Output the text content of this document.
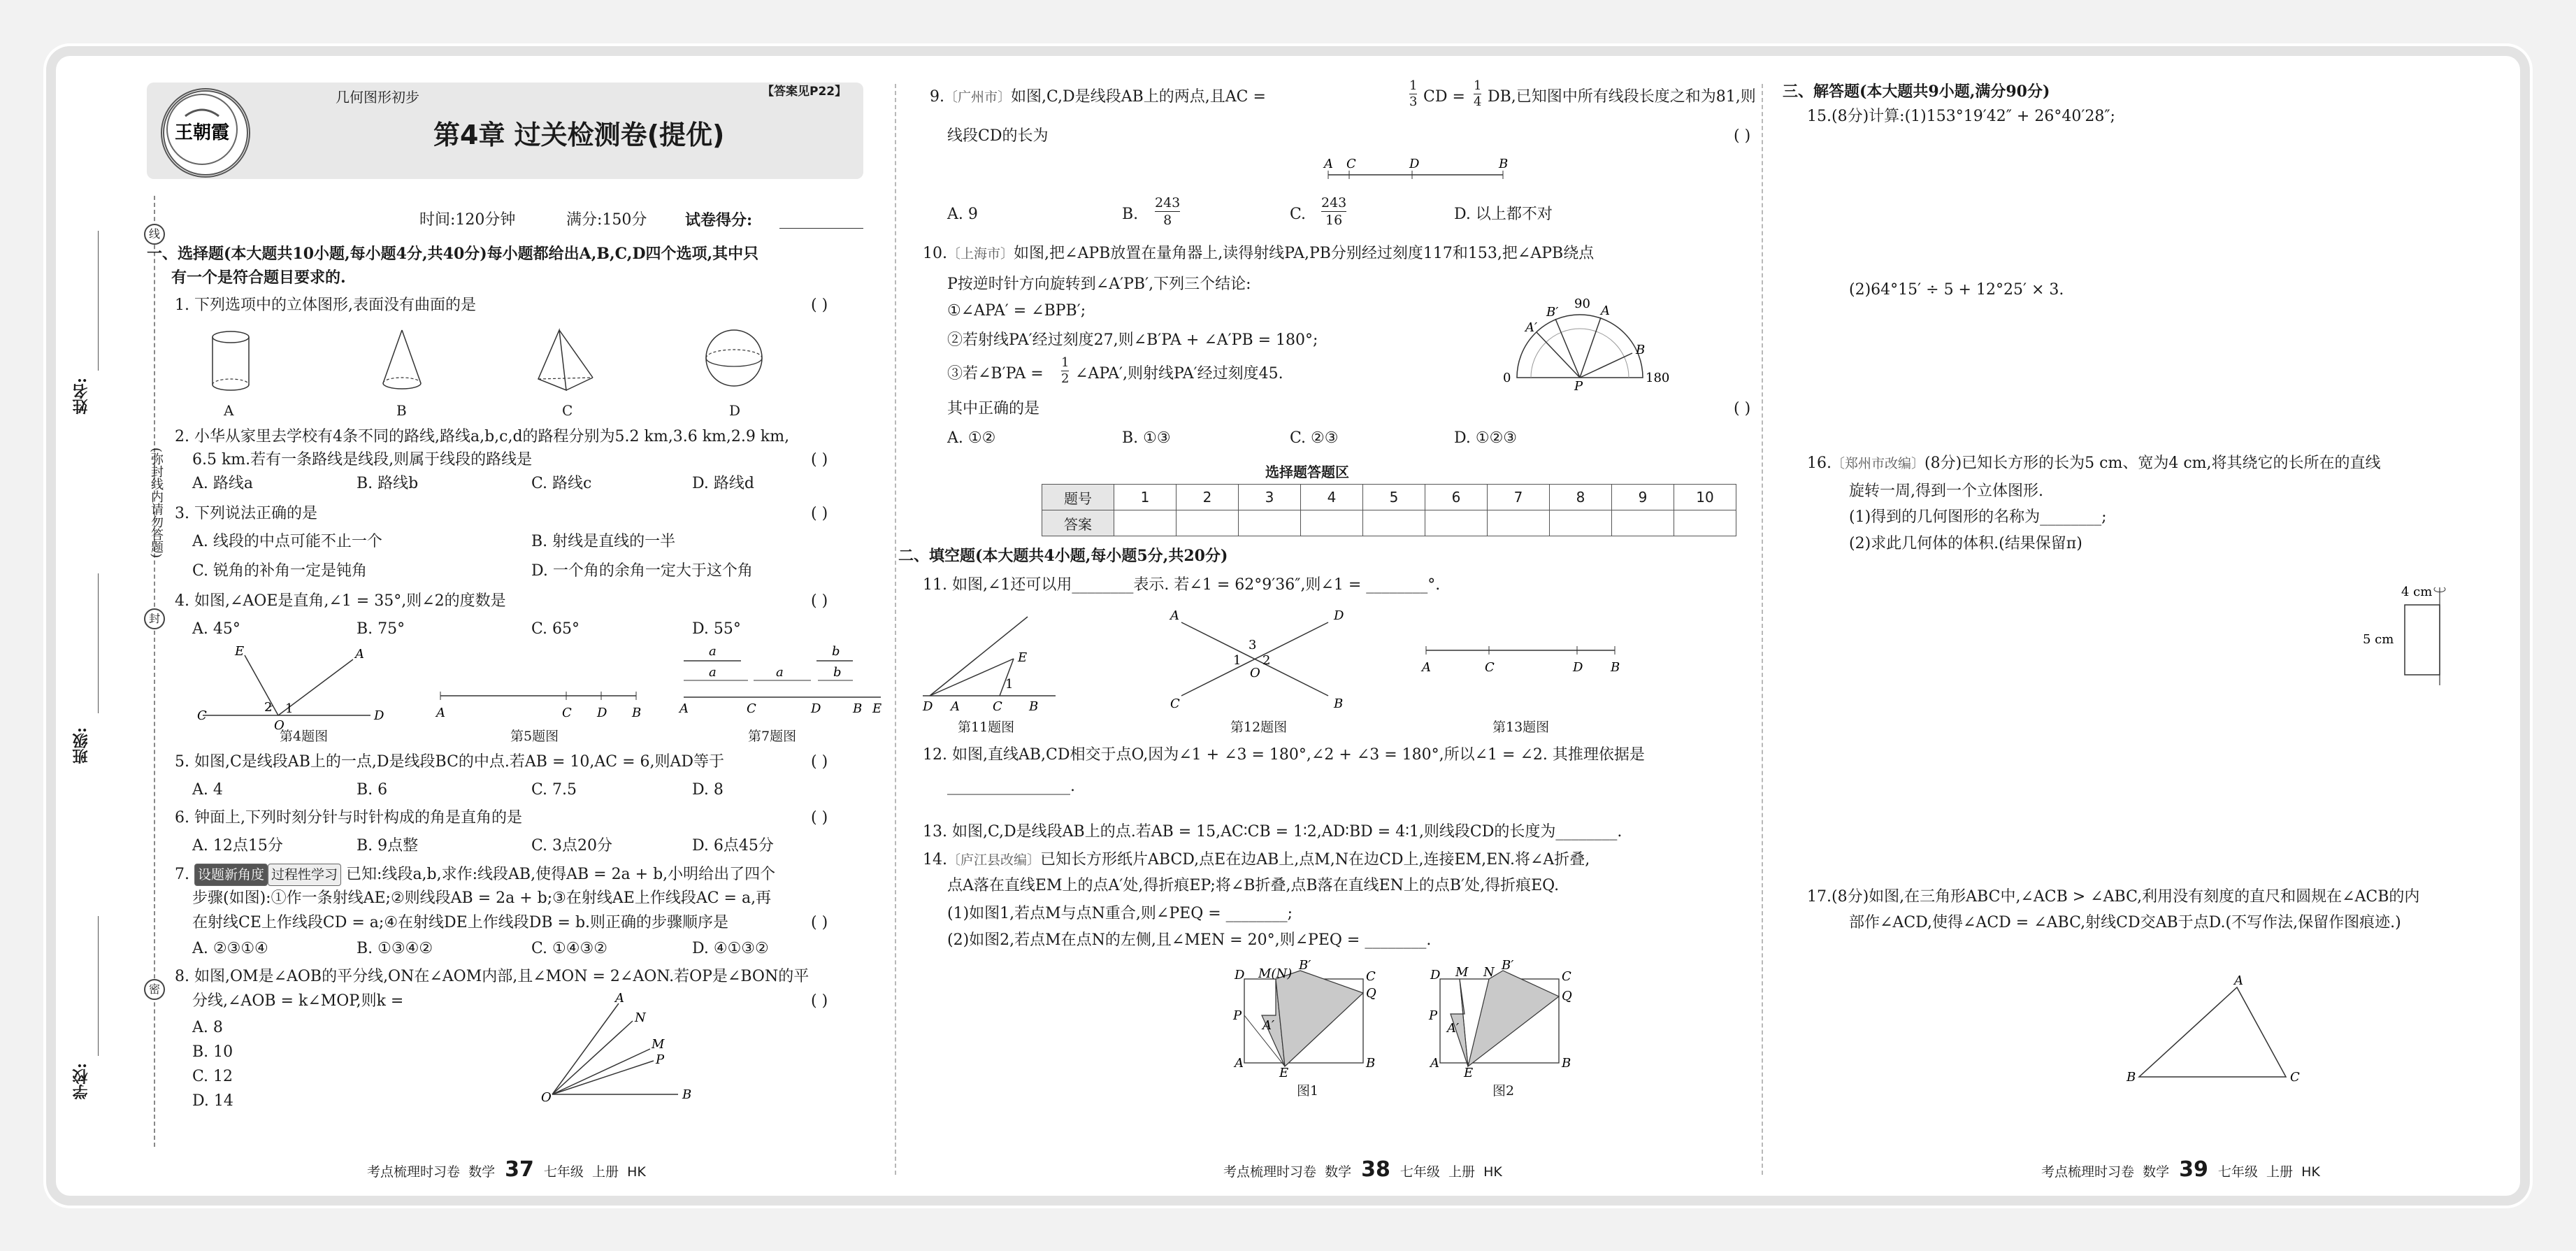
线
封
密
姓名:
(弥封线内请勿答题)
班级:
学校:
王朝霞
几何图形初步	【答案见P22】
第4章 过关检测卷(提优)
时间:120分钟	满分:150分 试卷得分:
一、选择题(本大题共10小题,每小题4分,共40分)每小题都给出A,B,C,D四个选项,其中只
有一个是符合题目要求的.
1. 下列选项中的立体图形,表面没有曲面的是	( )
A	B	C	D
2. 小华从家里去学校有4条不同的路线,路线a,b,c,d的路程分别为5.2 km,3.6 km,2.9 km,
6.5 km.若有一条路线是线段,则属于线段的路线是	( )
A. 路线a	B. 路线b	C. 路线c	D. 路线d
3. 下列说法正确的是	( )
A. 线段的中点可能不止一个	B. 射线是直线的一半
C. 锐角的补角一定是钝角	D. 一个角的余角一定大于这个角
4. 如图,∠AOE是直角,∠1 = 35°,则∠2的度数是	( )
A. 45°	B. 75°	C. 65°	D. 55°
C	D
E	A
O
2 1	A	C D B
a	b
a	a	b
A	C	D	B E
第4题图	第5题图	第7题图
5. 如图,C是线段AB上的一点,D是线段BC的中点.若AB = 10,AC = 6,则AD等于	( )
A. 4	B. 6	C. 7.5	D. 8
6. 钟面上,下列时刻分针与时针构成的角是直角的是	( )
A. 12点15分	B. 9点整	C. 3点20分	D. 6点45分
7. 设题新角度 过程性学习 已知:线段a,b,求作:线段AB,使得AB = 2a + b,小明给出了四个
步骤(如图):①作一条射线AE;②则线段AB = 2a + b;③在射线AE上作线段AC = a,再
在射线CE上作线段CD = a;④在射线DE上作线段DB = b.则正确的步骤顺序是	( )
A. ②③①④	B. ①③④②	C. ①④③②	D. ④①③②
8. 如图,OM是∠AOB的平分线,ON在∠AOM内部,且∠MON = 2∠AON.若OP是∠BON的平
分线,∠AOB = k∠MOP,则k =	( )
A. 8
B. 10
C. 12
D. 14	O	B
A
N
M
P
考点梳理时习卷 数学 37 七年级 上册 HK
9.〔广州市〕如图,C,D是线段AB上的两点,且AC =	$\frac{1}{3}$ CD = $\frac{1}{4}$ DB,已知图中所有线段长度之和为81,则
线段CD的长为	( )
A C	D	B
A. 9	B. $\frac{243}{8}$	C. $\frac{243}{16}$	D. 以上都不对
10.〔上海市〕如图,把∠APB放置在量角器上,读得射线PA,PB分别经过刻度117和153,把∠APB绕点
P按逆时针方向旋转到∠A′PB′,下列三个结论:
①∠APA′ = ∠BPB′;
②若射线PA′经过刻度27,则∠B′PA + ∠A′PB = 180°;
③若∠B′PA = $\frac{1}{2}$ ∠APA′,则射线PA′经过刻度45.
P
0	180
90 A
B′
A′
B
其中正确的是	( )
A. ①②	B. ①③	C. ②③	D. ①②③
选择题答题区
题号	1	2	3	4	5	6	7	8	9	10
答案										
二、填空题(本大题共4小题,每小题5分,共20分)
11. 如图,∠1还可以用________表示. 若∠1 = 62°9′36″,则∠1 = ________°.
D A	C B
E
1
A	D
C	B
O
3
1 2	A	C	D B
第11题图	第12题图	第13题图
12. 如图,直线AB,CD相交于点O,因为∠1 + ∠3 = 180°,∠2 + ∠3 = 180°,所以∠1 = ∠2. 其推理依据是
________________.
13. 如图,C,D是线段AB上的点.若AB = 15,AC∶CB = 1∶2,AD∶BD = 4∶1,则线段CD的长度为________.
14.〔庐江县改编〕已知长方形纸片ABCD,点E在边AB上,点M,N在边CD上,连接EM,EN.将∠A折叠,
点A落在直线EM上的点A′处,得折痕EP;将∠B折叠,点B落在直线EN上的点B′处,得折痕EQ.
(1)如图1,若点M与点N重合,则∠PEQ = ________;
(2)如图2,若点M在点N的左侧,且∠MEN = 20°,则∠PEQ = ________.
D M(N)
B′
C
Q
P
A′
A
E
B
D M N B′
C
Q
P
A′
A
E
B
图1	图2
考点梳理时习卷 数学 38 七年级 上册 HK
三、解答题(本大题共9小题,满分90分)
15.(8分)计算:(1)153°19′42″ + 26°40′28″;
(2)64°15′ ÷ 5 + 12°25′ × 3.
16.〔郑州市改编〕(8分)已知长方形的长为5 cm、宽为4 cm,将其绕它的长所在的直线
旋转一周,得到一个立体图形.
(1)得到的几何图形的名称为________;
(2)求此几何体的体积.(结果保留π)
5 cm
4 cm
17.(8分)如图,在三角形ABC中,∠ACB > ∠ABC,利用没有刻度的直尺和圆规在∠ACB的内
部作∠ACD,使得∠ACD = ∠ABC,射线CD交AB于点D.(不写作法,保留作图痕迹.)
B	C
A
考点梳理时习卷 数学 39 七年级 上册 HK
